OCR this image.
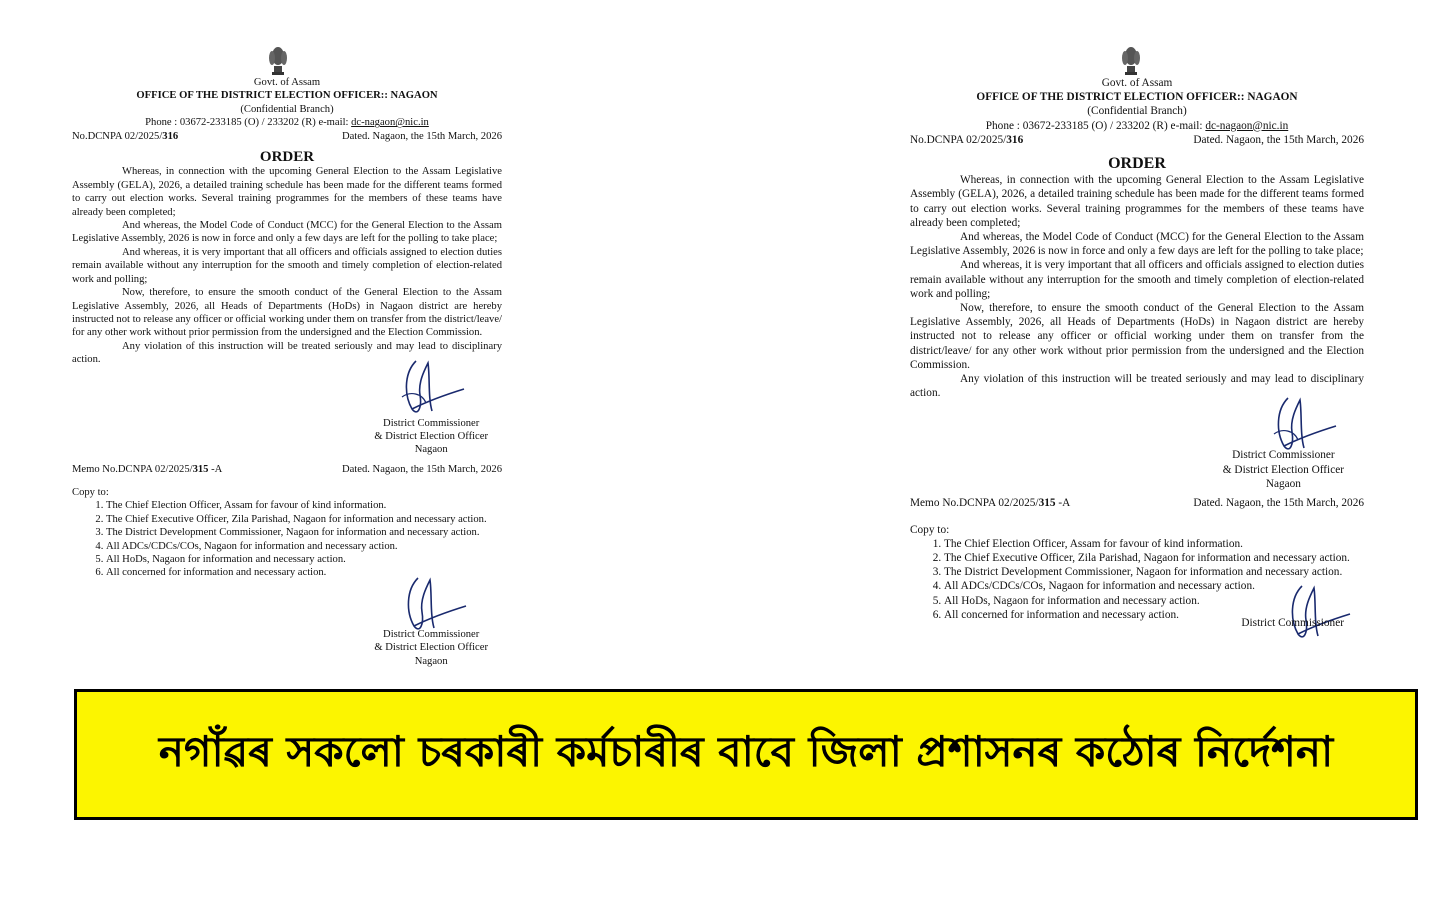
Govt. of Assam
OFFICE OF THE DISTRICT ELECTION OFFICER:: NAGAON
(Confidential Branch)
Phone : 03672-233185 (O) / 233202 (R) e-mail: dc-nagaon@nic.in
No.DCNPA 02/2025/316	Dated. Nagaon, the 15th March, 2026
ORDER

Whereas, in connection with the upcoming General Election to the Assam Legislative Assembly (GELA), 2026, a detailed training schedule has been made for the different teams formed to carry out election works. Several training programmes for the members of these teams have already been completed;

And whereas, the Model Code of Conduct (MCC) for the General Election to the Assam Legislative Assembly, 2026 is now in force and only a few days are left for the polling to take place;

And whereas, it is very important that all officers and officials assigned to election duties remain available without any interruption for the smooth and timely completion of election-related work and polling;

Now, therefore, to ensure the smooth conduct of the General Election to the Assam Legislative Assembly, 2026, all Heads of Departments (HoDs) in Nagaon district are hereby instructed not to release any officer or official working under them on transfer from the district/leave/ for any other work without prior permission from the undersigned and the Election Commission.

Any violation of this instruction will be treated seriously and may lead to disciplinary action.

District Commissioner
& District Election Officer
Nagaon
Memo No.DCNPA 02/2025/315 -A	Dated. Nagaon, the 15th March, 2026
Copy to:
1. The Chief Election Officer, Assam for favour of kind information.
2. The Chief Executive Officer, Zila Parishad, Nagaon for information and necessary action.
3. The District Development Commissioner, Nagaon for information and necessary action.
4. All ADCs/CDCs/COs, Nagaon for information and necessary action.
5. All HoDs, Nagaon for information and necessary action.
6. All concerned for information and necessary action.
District Commissioner
& District Election Officer
Nagaon
Govt. of Assam
OFFICE OF THE DISTRICT ELECTION OFFICER:: NAGAON
(Confidential Branch)
Phone : 03672-233185 (O) / 233202 (R) e-mail: dc-nagaon@nic.in
No.DCNPA 02/2025/316	Dated. Nagaon, the 15th March, 2026
ORDER

Whereas, in connection with the upcoming General Election to the Assam Legislative Assembly (GELA), 2026, a detailed training schedule has been made for the different teams formed to carry out election works. Several training programmes for the members of these teams have already been completed;

And whereas, the Model Code of Conduct (MCC) for the General Election to the Assam Legislative Assembly, 2026 is now in force and only a few days are left for the polling to take place;

And whereas, it is very important that all officers and officials assigned to election duties remain available without any interruption for the smooth and timely completion of election-related work and polling;

Now, therefore, to ensure the smooth conduct of the General Election to the Assam Legislative Assembly, 2026, all Heads of Departments (HoDs) in Nagaon district are hereby instructed not to release any officer or official working under them on transfer from the district/leave/ for any other work without prior permission from the undersigned and the Election Commission.

Any violation of this instruction will be treated seriously and may lead to disciplinary action.

District Commissioner
& District Election Officer
Nagaon
Memo No.DCNPA 02/2025/315 -A	Dated. Nagaon, the 15th March, 2026
Copy to:
1. The Chief Election Officer, Assam for favour of kind information.
2. The Chief Executive Officer, Zila Parishad, Nagaon for information and necessary action.
3. The District Development Commissioner, Nagaon for information and necessary action.
4. All ADCs/CDCs/COs, Nagaon for information and necessary action.
5. All HoDs, Nagaon for information and necessary action.
6. All concerned for information and necessary action.
District Commissioner
নগাঁৱৰ সকলো চৰকাৰী কৰ্মচাৰীৰ বাবে জিলা প্ৰশাসনৰ কঠোৰ নিৰ্দেশনা
